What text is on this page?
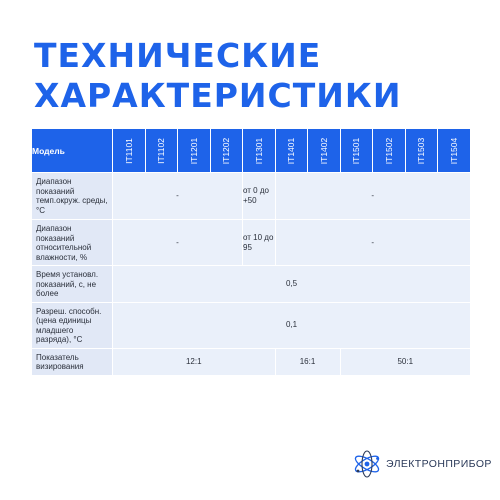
ТЕХНИЧЕСКИЕ
ХАРАКТЕРИСТИКИ
Модель	IT1101	IT1102	IT1201	IT1202	IT1301	IT1401	IT1402	IT1501	IT1502	IT1503	IT1504

Диапазон показаний темп.окруж. среды, °С	-				от 0 до +50	-					
Диапазон показаний относительной влажности, %	-				от 10 до 95	-					
Время установл. показаний, с, не более	0,5										
Разреш. способн. (цена единицы младшего разряда), °С	0,1										
Показатель визирования	12:1					16:1		50:1			
ЭЛЕКТРОНПРИБОР
